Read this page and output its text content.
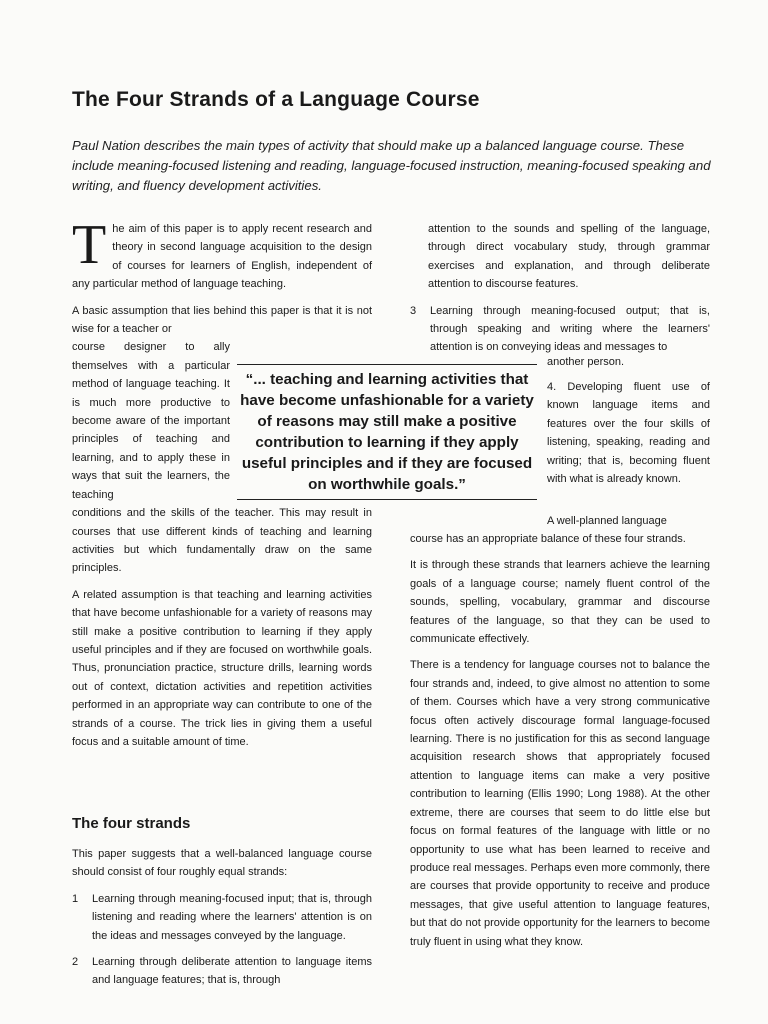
The Four Strands of a Language Course

Paul Nation describes the main types of activity that should make up a balanced language course. These include meaning-focused listening and reading, language-focused instruction, meaning-focused speaking and writing, and fluency development activities.

The aim of this paper is to apply recent research and theory in second language acquisition to the design of courses for learners of English, independent of any particular method of language teaching.

A basic assumption that lies behind this paper is that it is not wise for a teacher or

course designer to ally themselves with a particular method of language teaching. It is much more productive to become aware of the important principles of teaching and learning, and to apply these in ways that suit the learners, the teaching

conditions and the skills of the teacher. This may result in courses that use different kinds of teaching and learning activities but which fundamentally draw on the same principles.

A related assumption is that teaching and learning activities that have become unfashionable for a variety of reasons may still make a positive contribution to learning if they apply useful principles and if they are focused on worthwhile goals. Thus, pronunciation practice, structure drills, learning words out of context, dictation activities and repetition activities performed in an appropriate way can contribute to one of the strands of a course. The trick lies in giving them a useful focus and a suitable amount of time.

“... teaching and learning activities that have become unfashionable for a variety of reasons may still make a positive contribution to learning if they apply useful principles and if they are focused on worthwhile goals.”

The four strands

This paper suggests that a well-balanced language course should consist of four roughly equal strands:

1 Learning through meaning-focused input; that is, through listening and reading where the learners' attention is on the ideas and messages conveyed by the language.
2 Learning through deliberate attention to language items and language features; that is, through

attention to the sounds and spelling of the language, through direct vocabulary study, through grammar exercises and explanation, and through deliberate attention to discourse features.

3 Learning through meaning-focused output; that is, through speaking and writing where the learners' attention is on conveying ideas and messages to

another person.

4. Developing fluent use of known language items and features over the four skills of listening, speaking, reading and writing; that is, becoming fluent with what is already known.

A well-planned language

course has an appropriate balance of these four strands.

It is through these strands that learners achieve the learning goals of a language course; namely fluent control of the sounds, spelling, vocabulary, grammar and discourse features of the language, so that they can be used to communicate effectively.

There is a tendency for language courses not to balance the four strands and, indeed, to give almost no attention to some of them. Courses which have a very strong communicative focus often actively discourage formal language-focused learning. There is no justification for this as second language acquisition research shows that appropriately focused attention to language items can make a very positive contribution to learning (Ellis 1990; Long 1988). At the other extreme, there are courses that seem to do little else but focus on formal features of the language with little or no opportunity to use what has been learned to receive and produce real messages. Perhaps even more commonly, there are courses that provide opportunity to receive and produce messages, that give useful attention to language features, but that do not provide opportunity for the learners to become truly fluent in using what they know.
